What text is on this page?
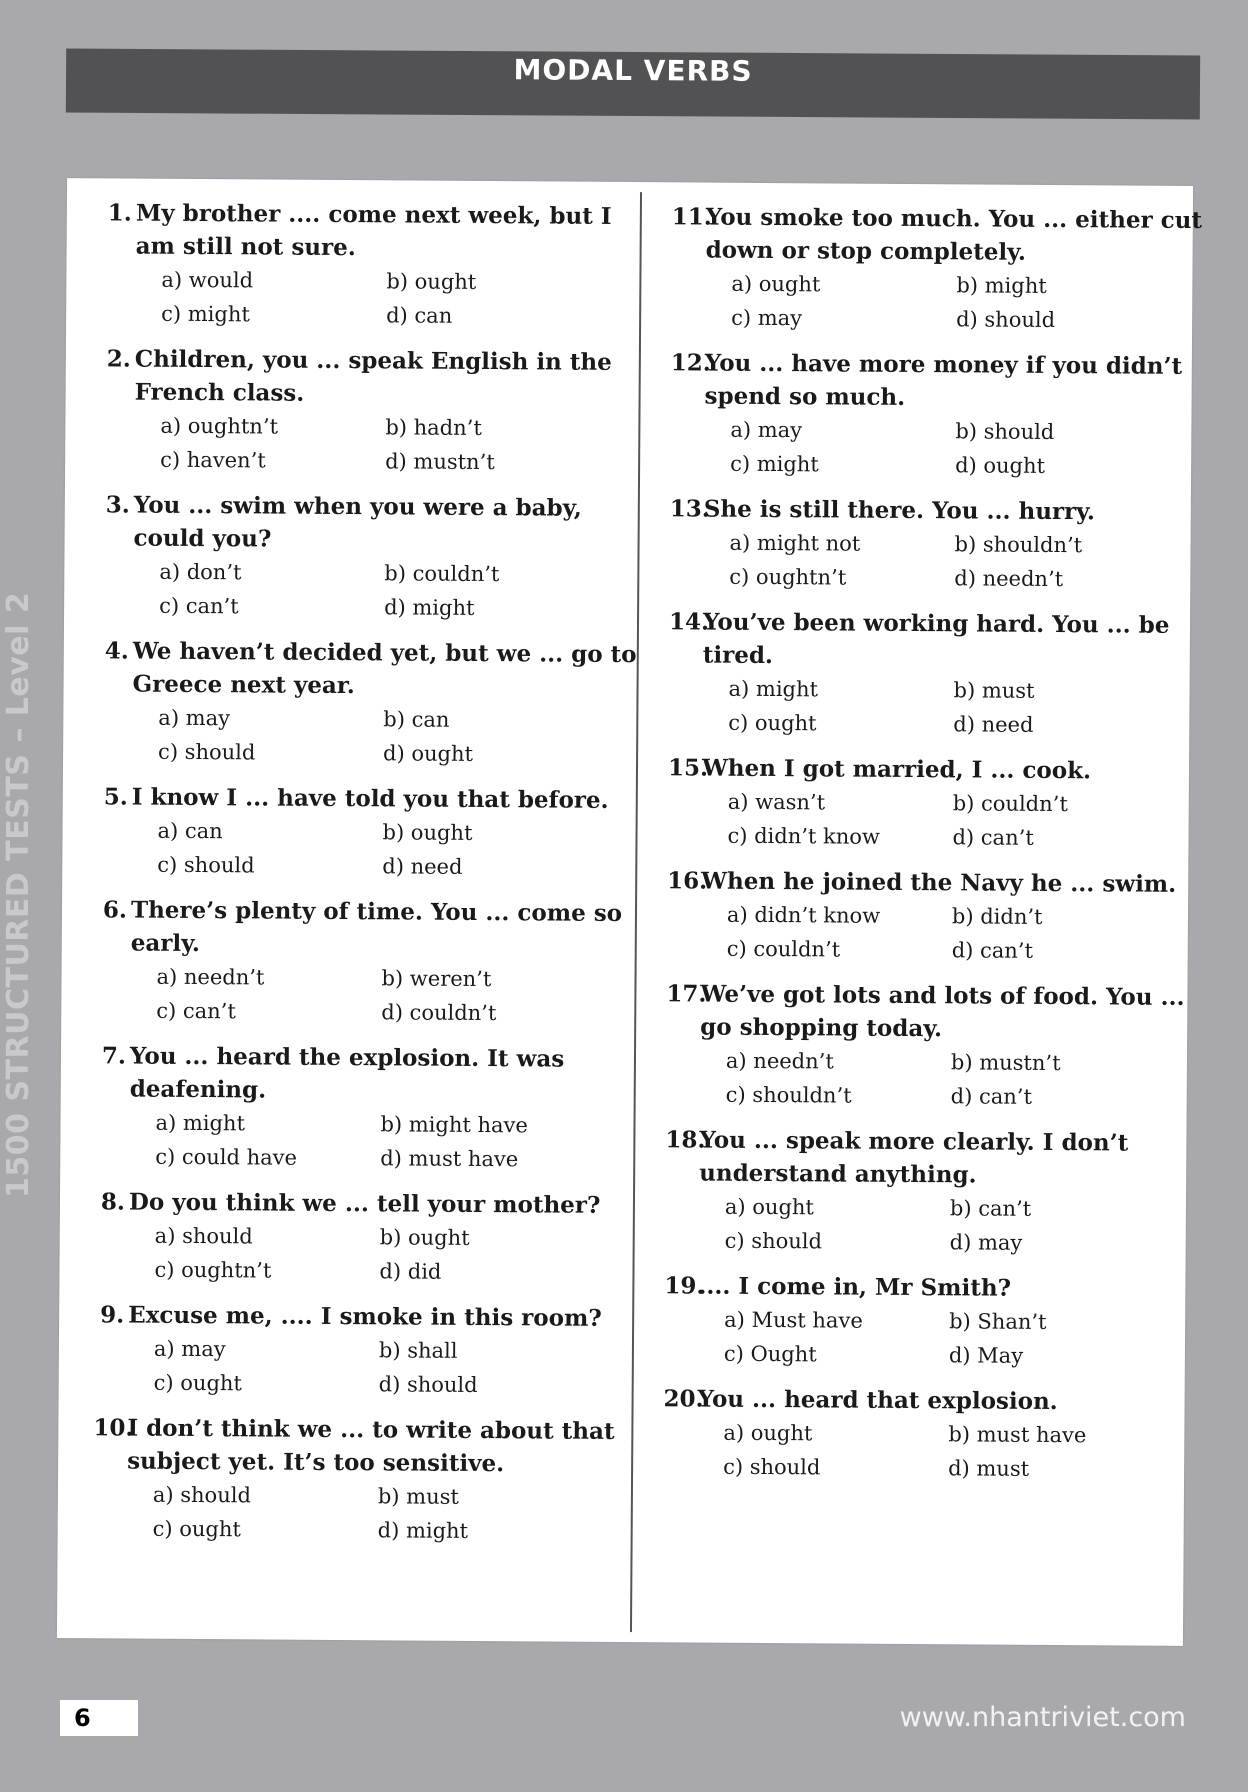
MODAL VERBS
1500 STRUCTURED TESTS – Level 2
1. My brother .... come next week, but I am still not sure.
a) would	b) ought
c) might	d) can
2. Children, you ... speak English in the French class.
a) oughtn’t	b) hadn’t
c) haven’t	d) mustn’t
3. You ... swim when you were a baby, could you?
a) don’t	b) couldn’t
c) can’t	d) might
4. We haven’t decided yet, but we ... go to Greece next year.
a) may	b) can
c) should	d) ought
5. I know I ... have told you that before.
a) can	b) ought
c) should	d) need
6. There’s plenty of time. You ... come so early.
a) needn’t	b) weren’t
c) can’t	d) couldn’t
7. You ... heard the explosion. It was deafening.
a) might	b) might have
c) could have	d) must have
8. Do you think we ... tell your mother?
a) should	b) ought
c) oughtn’t	d) did
9. Excuse me, .... I smoke in this room?
a) may	b) shall
c) ought	d) should
10.
I don’t think we ... to write about that subject yet. It’s too sensitive.
a) should	b) must
c) ought	d) might
11.
You smoke too much. You ... either cut down or stop completely.
a) ought	b) might
c) may	d) should
12.
You ... have more money if you didn’t spend so much.
a) may	b) should
c) might	d) ought
13.
She is still there. You ... hurry.
a) might not	b) shouldn’t
c) oughtn’t	d) needn’t
14.
You’ve been working hard. You ... be tired.
a) might	b) must
c) ought	d) need
15.
When I got married, I ... cook.
a) wasn’t	b) couldn’t
c) didn’t know	d) can’t
16.
When he joined the Navy he ... swim.
a) didn’t know	b) didn’t
c) couldn’t	d) can’t
17.
We’ve got lots and lots of food. You ... go shopping today.
a) needn’t	b) mustn’t
c) shouldn’t	d) can’t
18.
You ... speak more clearly. I don’t understand anything.
a) ought	b) can’t
c) should	d) may
19.
.... I come in, Mr Smith?
a) Must have	b) Shan’t
c) Ought	d) May
20.
You ... heard that explosion.
a) ought	b) must have
c) should	d) must
6	www.nhantriviet.com
